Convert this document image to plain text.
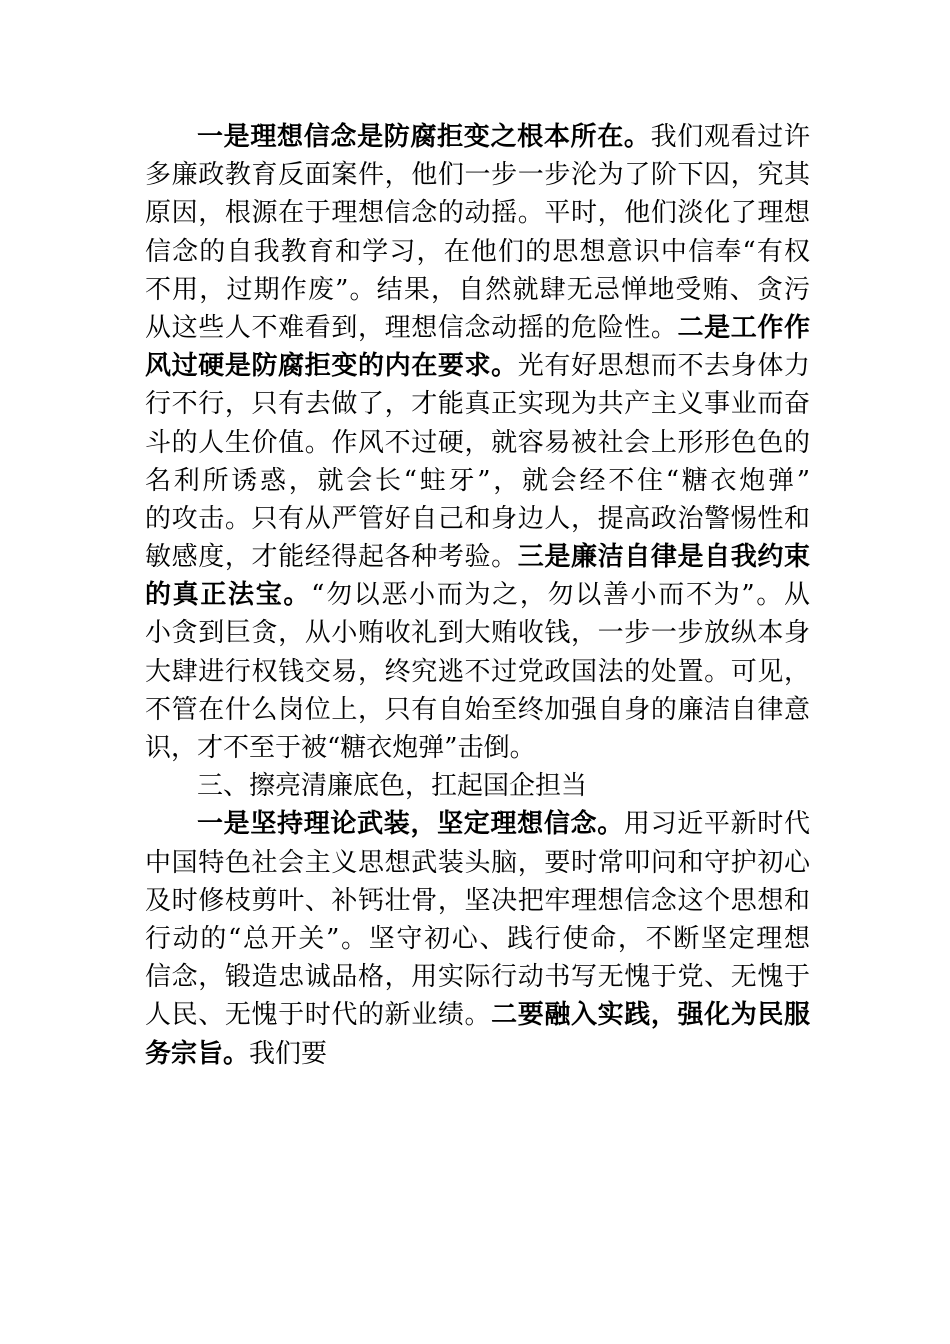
一是理想信念是防腐拒变之根本所在。我们观看过许
多廉政教育反面案件，他们一步一步沦为了阶下囚，究其
原因，根源在于理想信念的动摇。平时，他们淡化了理想
信念的自我教育和学习，在他们的思想意识中信奉“有权
不用，过期作废”。结果，自然就肆无忌惮地受贿、贪污
从这些人不难看到，理想信念动摇的危险性。二是工作作
风过硬是防腐拒变的内在要求。光有好思想而不去身体力
行不行，只有去做了，才能真正实现为共产主义事业而奋
斗的人生价值。作风不过硬，就容易被社会上形形色色的
名利所诱惑，就会长“蛀牙”，就会经不住“糖衣炮弹”
的攻击。只有从严管好自己和身边人，提高政治警惕性和
敏感度，才能经得起各种考验。三是廉洁自律是自我约束
的真正法宝。“勿以恶小而为之，勿以善小而不为”。从
小贪到巨贪，从小贿收礼到大贿收钱，一步一步放纵本身
大肆进行权钱交易，终究逃不过党政国法的处置。可见，
不管在什么岗位上，只有自始至终加强自身的廉洁自律意
识，才不至于被“糖衣炮弹”击倒。
三、擦亮清廉底色，扛起国企担当
一是坚持理论武装，坚定理想信念。用习近平新时代
中国特色社会主义思想武装头脑，要时常叩问和守护初心
及时修枝剪叶、补钙壮骨，坚决把牢理想信念这个思想和
行动的“总开关”。坚守初心、践行使命，不断坚定理想
信念，锻造忠诚品格，用实际行动书写无愧于党、无愧于
人民、无愧于时代的新业绩。二要融入实践，强化为民服
务宗旨。我们要
